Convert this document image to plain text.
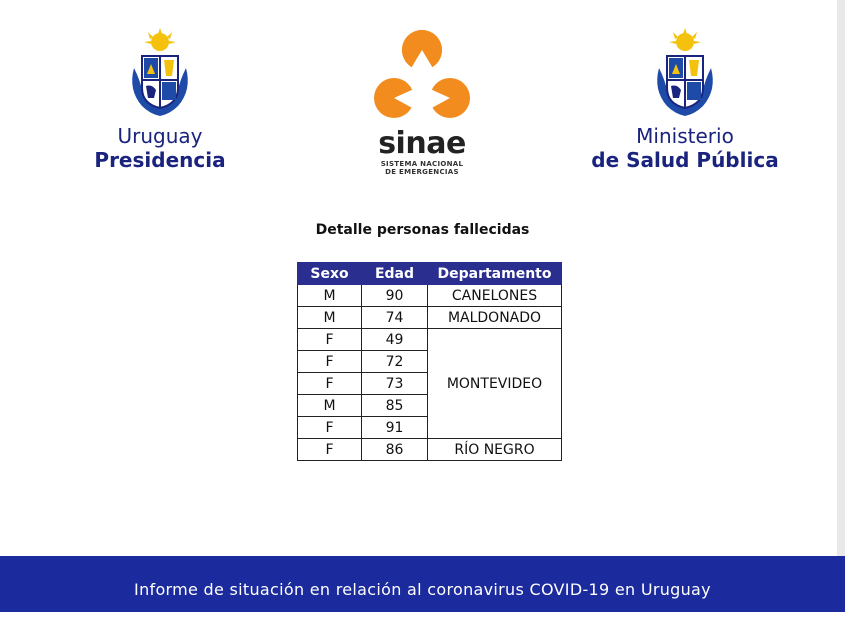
Uruguay
Presidencia	sinae
SISTEMA NACIONAL
DE EMERGENCIAS
Ministerio
de Salud Pública
Detalle personas fallecidas
Sexo	Edad	Departamento
M	90	CANELONES
M	74	MALDONADO
F	49	MONTEVIDEO
F	72	
F	73	
M	85	
F	91	
F	86	RÍO NEGRO
Informe de situación en relación al coronavirus COVID-19 en Uruguay
